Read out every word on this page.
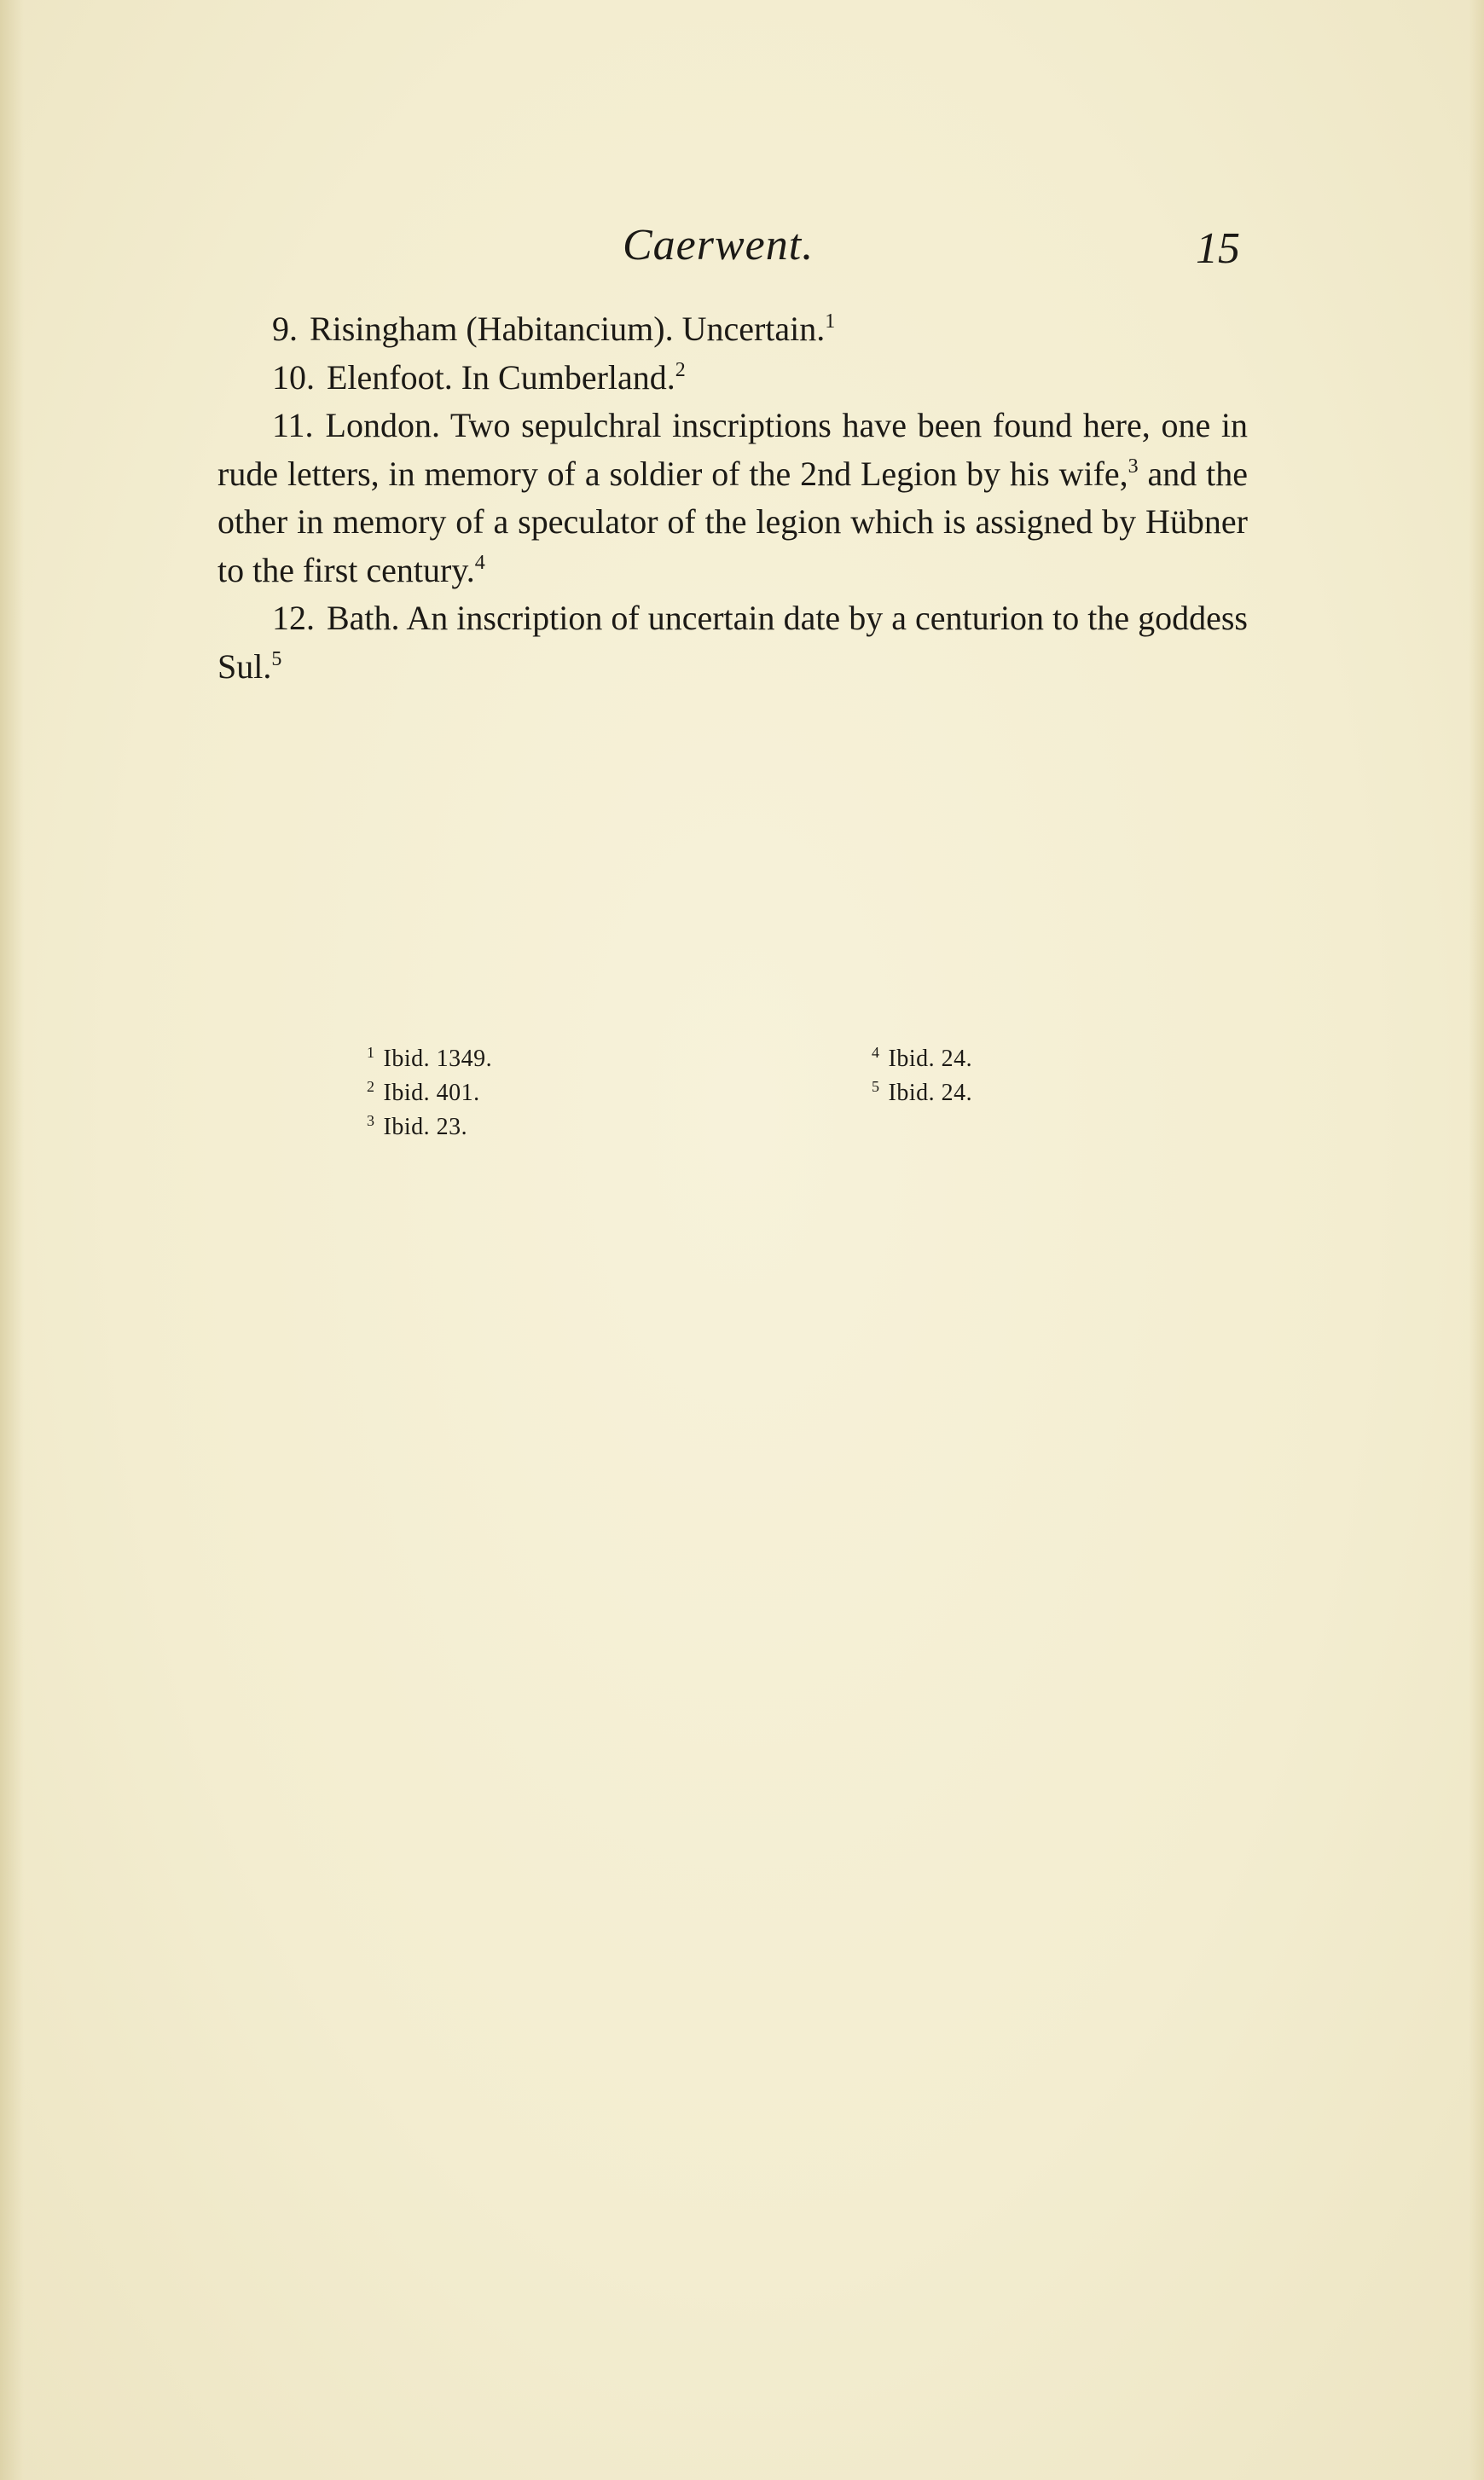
Caerwent.	15

9. Risingham (Habitancium). Uncertain.$^1$

10. Elenfoot. In Cumberland.$^2$

11. London. Two sepulchral inscriptions have been found here, one in rude letters, in memory of a soldier of the 2nd Legion by his wife,$^3$ and the other in memory of a speculator of the legion which is assigned by Hübner to the first century.$^4$

12. Bath. An inscription of uncertain date by a centurion to the goddess Sul.$^5$

$^1$ Ibid. 1349.
$^2$ Ibid. 401.
$^3$ Ibid. 23.
$^4$ Ibid. 24.
$^5$ Ibid. 24.
